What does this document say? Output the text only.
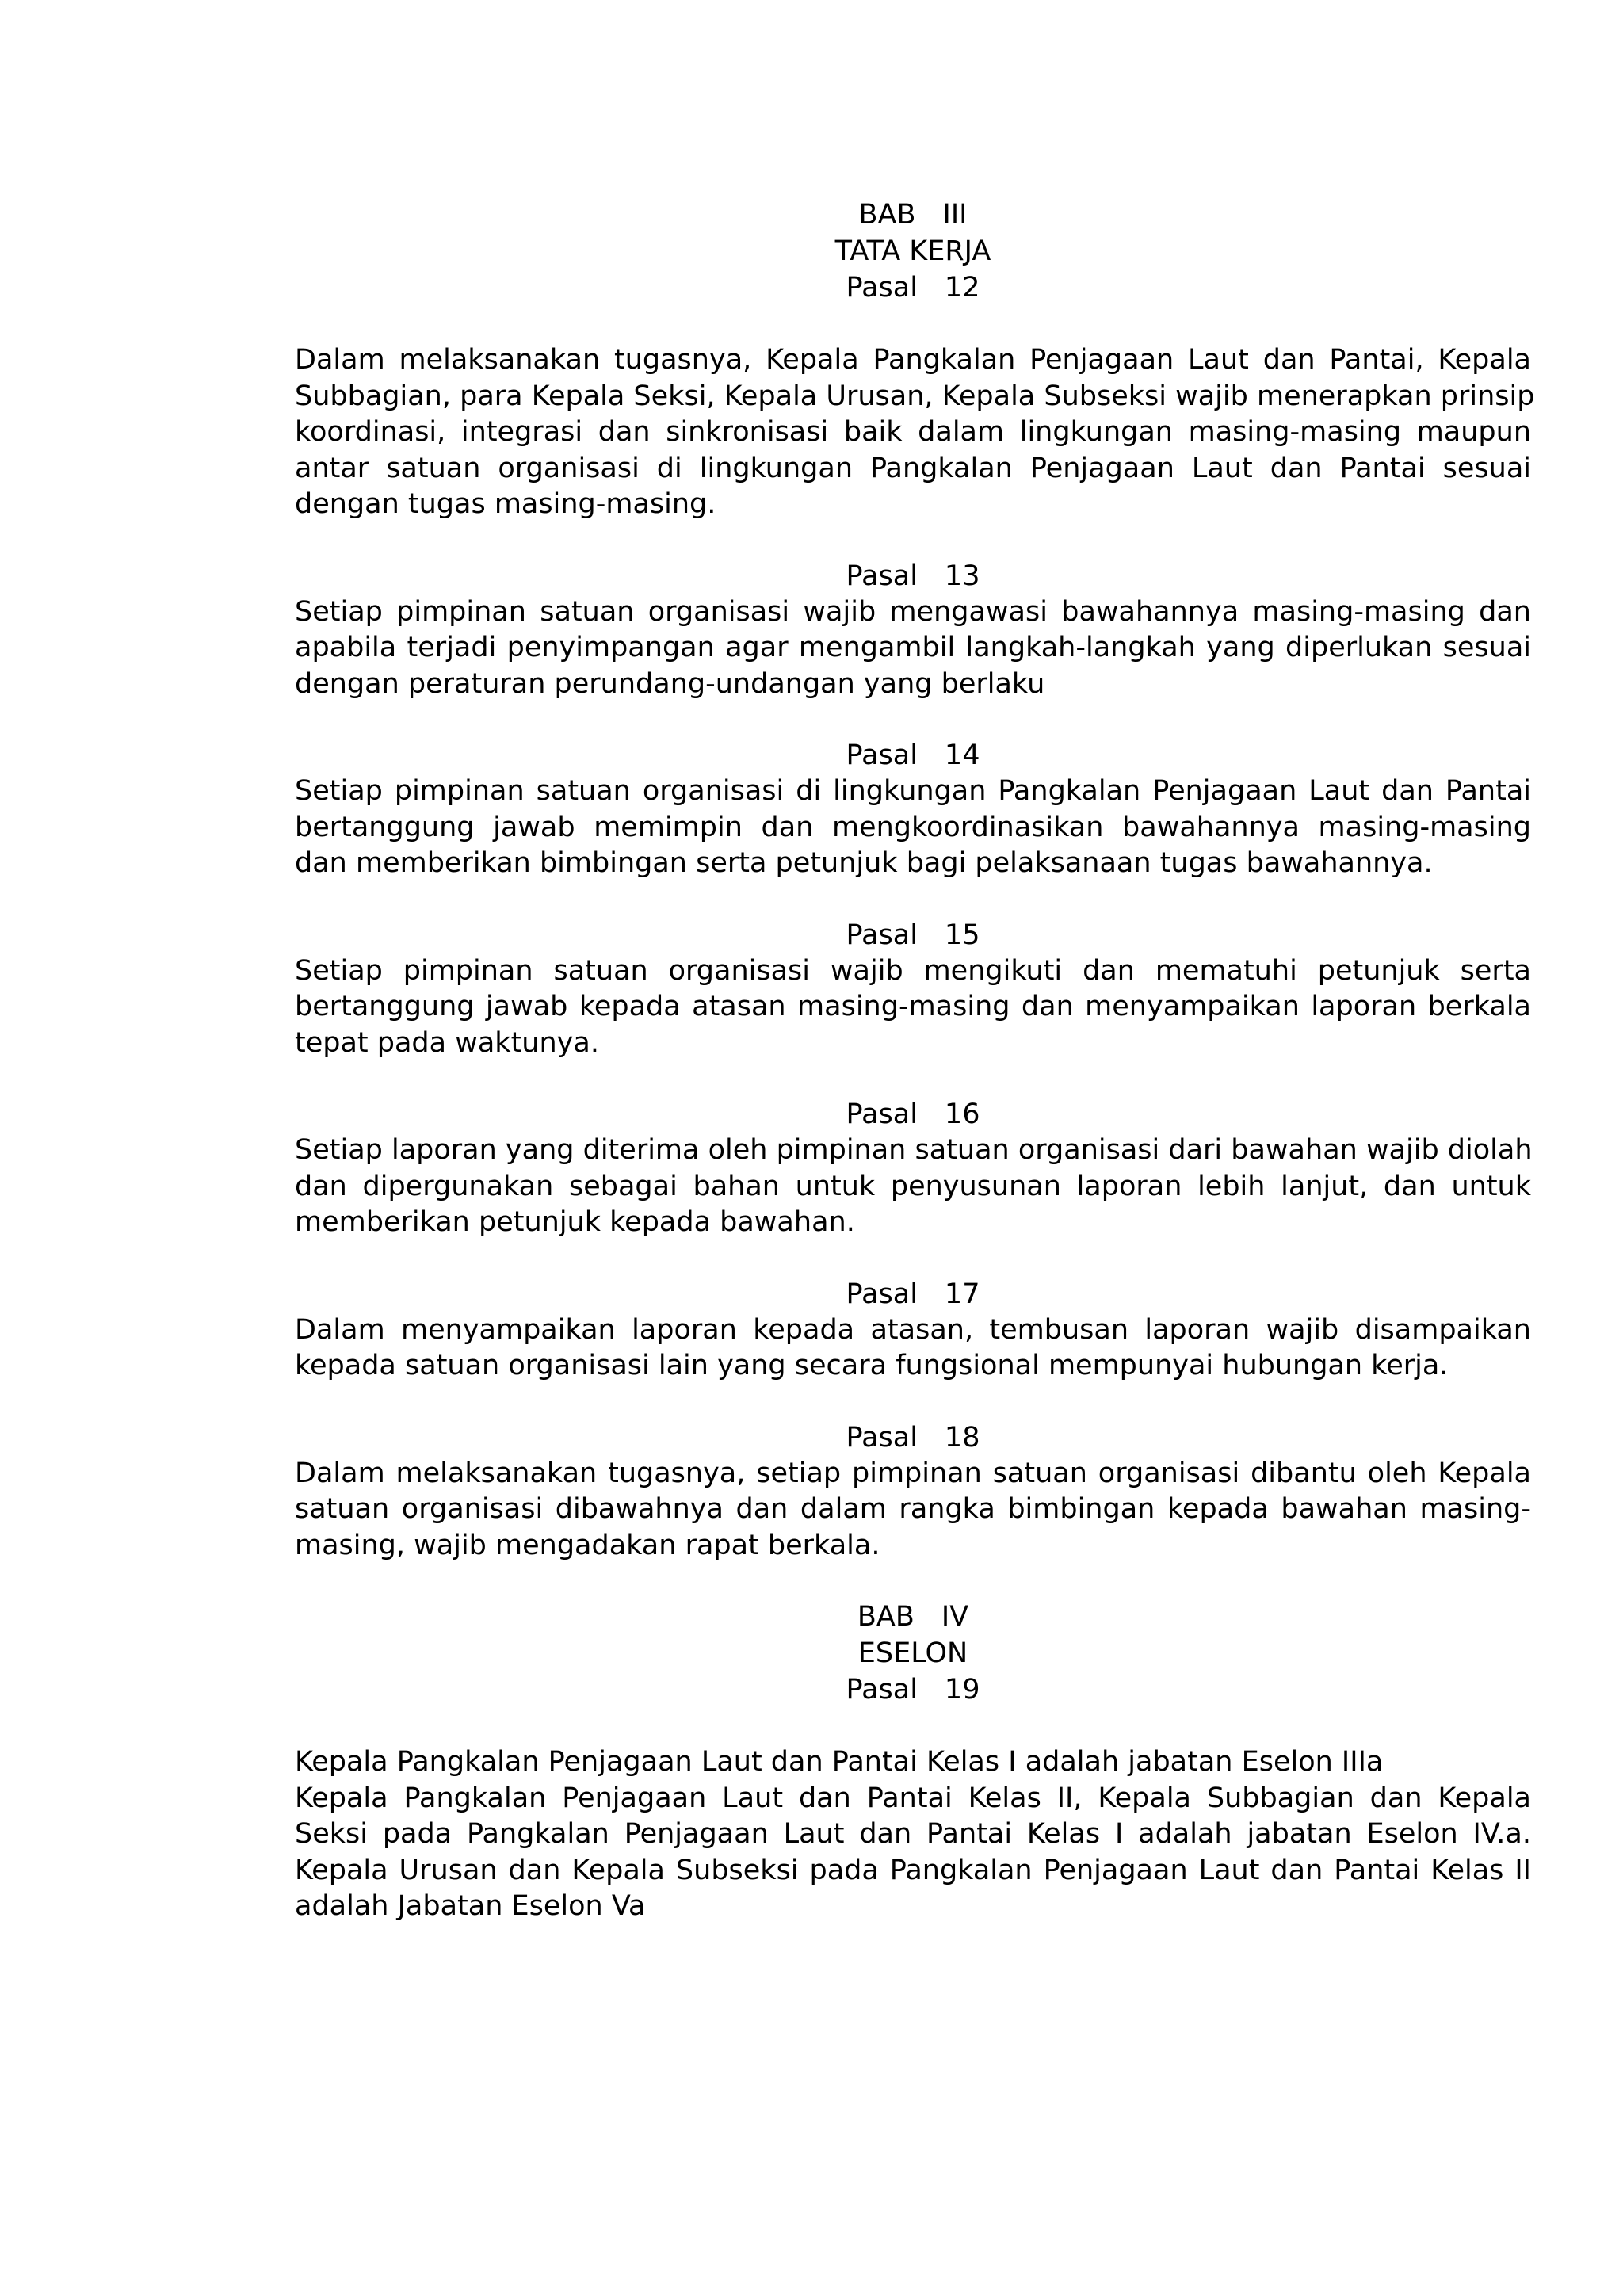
BAB III

TATA KERJA

Pasal 12

Dalam melaksanakan tugasnya, Kepala Pangkalan Penjagaan Laut dan Pantai, Kepala
Subbagian, para Kepala Seksi, Kepala Urusan, Kepala Subseksi wajib menerapkan prinsip
koordinasi, integrasi dan sinkronisasi baik dalam lingkungan masing-masing maupun
antar satuan organisasi di lingkungan Pangkalan Penjagaan Laut dan Pantai sesuai
dengan tugas masing-masing.

Pasal 13

Setiap pimpinan satuan organisasi wajib mengawasi bawahannya masing-masing dan
apabila terjadi penyimpangan agar mengambil langkah-langkah yang diperlukan sesuai
dengan peraturan perundang-undangan yang berlaku

Pasal 14

Setiap pimpinan satuan organisasi di lingkungan Pangkalan Penjagaan Laut dan Pantai
bertanggung jawab memimpin dan mengkoordinasikan bawahannya masing-masing
dan memberikan bimbingan serta petunjuk bagi pelaksanaan tugas bawahannya.

Pasal 15

Setiap pimpinan satuan organisasi wajib mengikuti dan mematuhi petunjuk serta
bertanggung jawab kepada atasan masing-masing dan menyampaikan laporan berkala
tepat pada waktunya.

Pasal 16

Setiap laporan yang diterima oleh pimpinan satuan organisasi dari bawahan wajib diolah
dan dipergunakan sebagai bahan untuk penyusunan laporan lebih lanjut, dan untuk
memberikan petunjuk kepada bawahan.

Pasal 17

Dalam menyampaikan laporan kepada atasan, tembusan laporan wajib disampaikan
kepada satuan organisasi lain yang secara fungsional mempunyai hubungan kerja.

Pasal 18

Dalam melaksanakan tugasnya, setiap pimpinan satuan organisasi dibantu oleh Kepala
satuan organisasi dibawahnya dan dalam rangka bimbingan kepada bawahan masing-
masing, wajib mengadakan rapat berkala.

BAB IV

ESELON

Pasal 19

Kepala Pangkalan Penjagaan Laut dan Pantai Kelas I adalah jabatan Eselon IIIa
Kepala Pangkalan Penjagaan Laut dan Pantai Kelas II, Kepala Subbagian dan Kepala
Seksi pada Pangkalan Penjagaan Laut dan Pantai Kelas I adalah jabatan Eselon IV.a.
Kepala Urusan dan Kepala Subseksi pada Pangkalan Penjagaan Laut dan Pantai Kelas II
adalah Jabatan Eselon Va
